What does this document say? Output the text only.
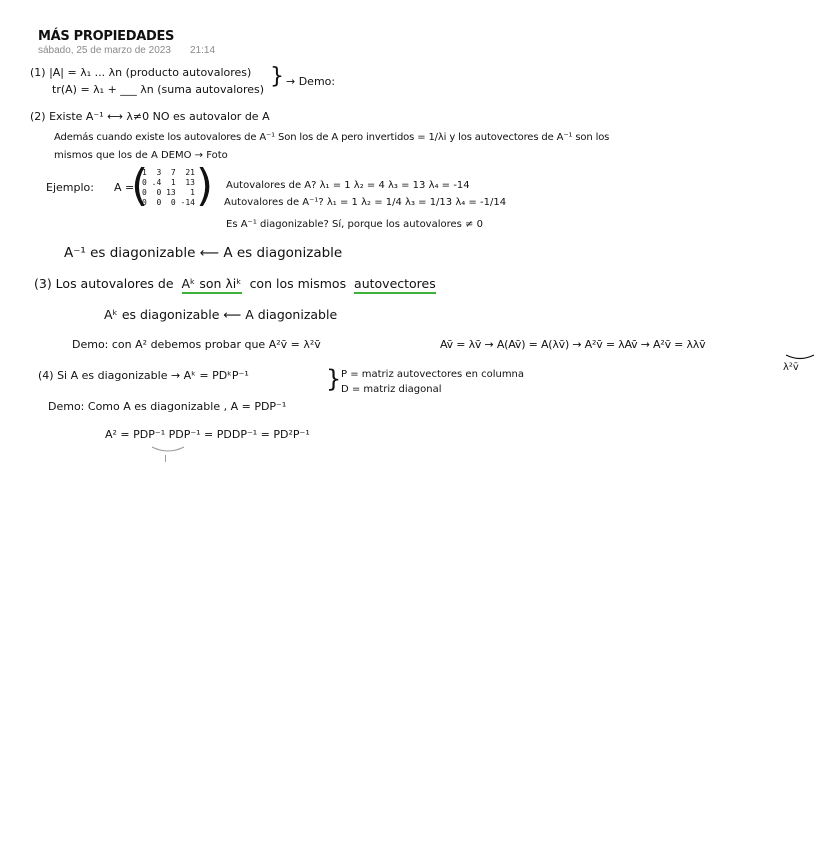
MÁS PROPIEDADES
sábado, 25 de marzo de 2023 21:14
(1) |A| = λ₁ ... λn (producto autovalores)
tr(A) = λ₁ + ___ λn (suma autovalores)
} → Demo:
(2) Existe A⁻¹ ⟷ λ≠0 NO es autovalor de A
Además cuando existe los autovalores de A⁻¹ Son los de A pero invertidos = 1/λi y los autovectores de A⁻¹ son los
mismos que los de A DEMO → Foto
Ejemplo: A =
(
1  3  7  21
0 .4  1  13
0  0 13   1
0  0  0 -14 ) Autovalores de A? λ₁ = 1 λ₂ = 4 λ₃ = 13 λ₄ = -14
Autovalores de A⁻¹? λ₁ = 1 λ₂ = 1/4 λ₃ = 1/13 λ₄ = -1/14
Es A⁻¹ diagonizable? Sí, porque los autovalores ≠ 0
A⁻¹ es diagonizable ⟵ A es diagonizable
(3) Los autovalores de Aᵏ son λiᵏ con los mismos autovectores
Aᵏ es diagonizable ⟵ A diagonizable
Demo: con A² debemos probar que A²v̄ = λ²v̄	Av̄ = λv̄ → A(Av̄) = A(λv̄) → A²v̄ = λAv̄ → A²v̄ = λλv̄
λ²v̄
(4) Si A es diagonizable → Aᵏ = PDᵏP⁻¹	} P = matriz autovectores en columna
D = matriz diagonal
Demo: Como A es diagonizable , A = PDP⁻¹
A² = PDP⁻¹ PDP⁻¹ = PDDP⁻¹ = PD²P⁻¹
I
